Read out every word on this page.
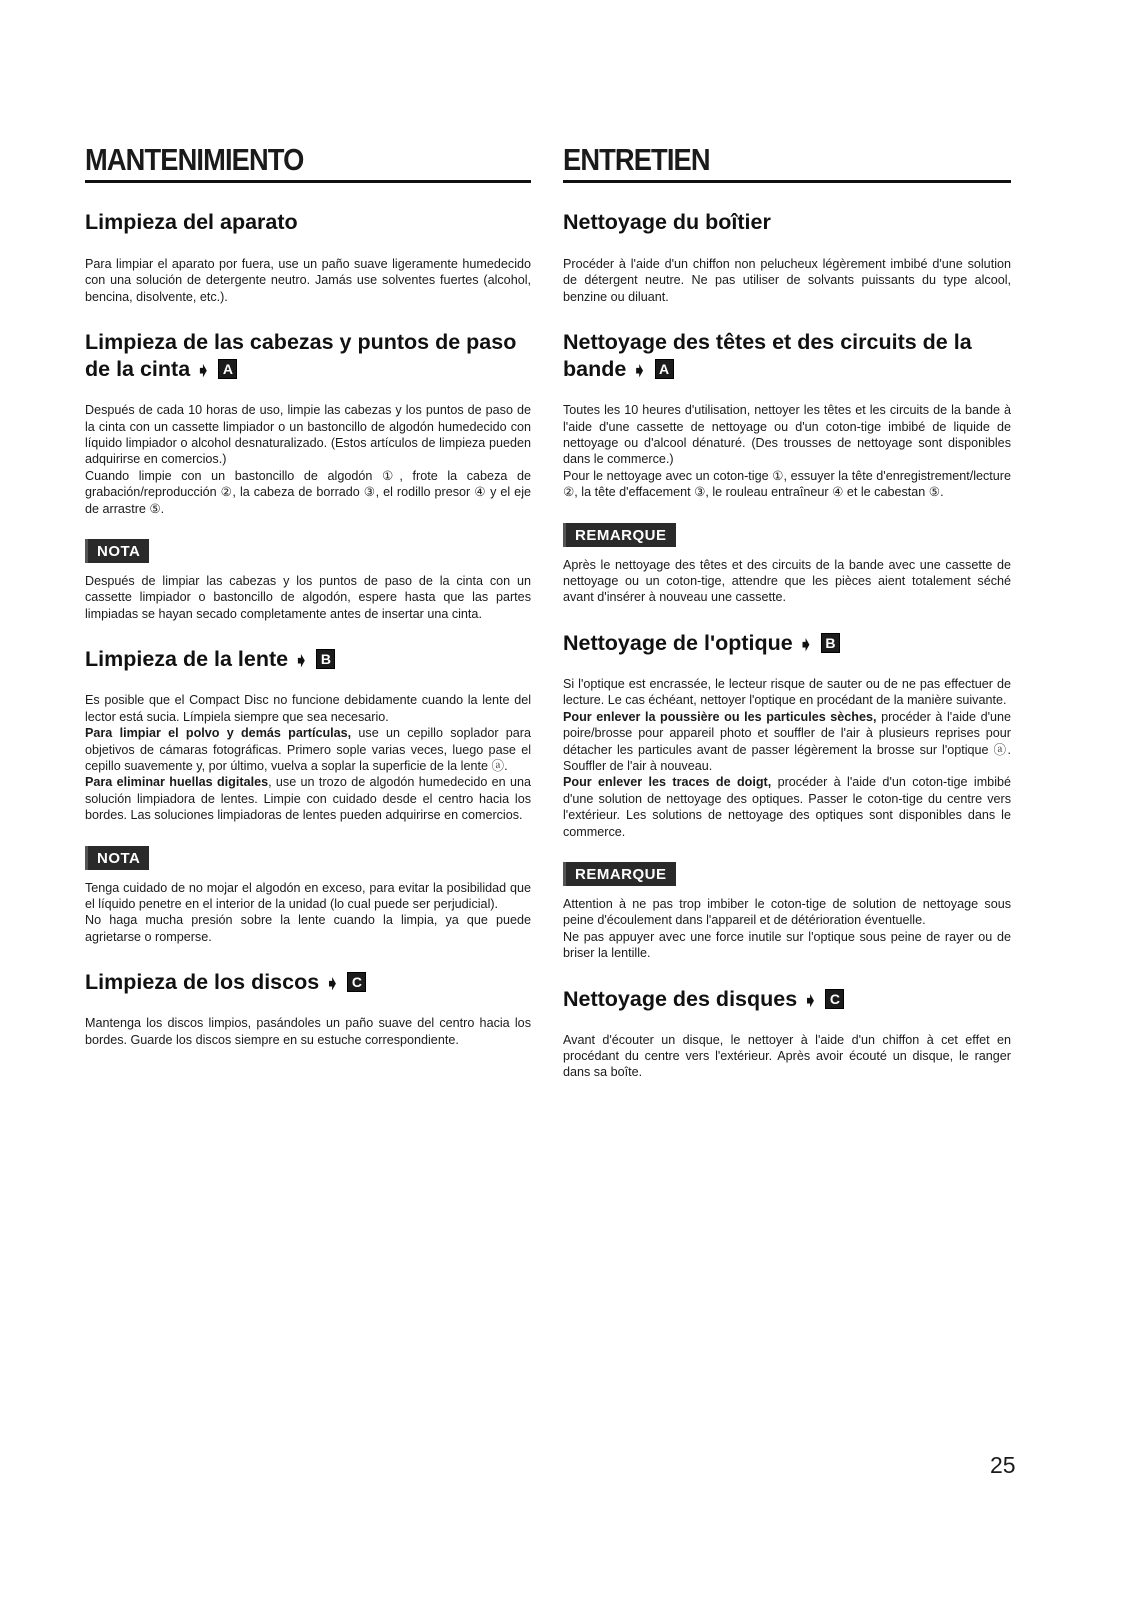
MANTENIMIENTO
Limpieza del aparato

Para limpiar el aparato por fuera, use un paño suave ligeramente humedecido con una solución de detergente neutro. Jamás use solventes fuertes (alcohol, bencina, disolvente, etc.).

Limpieza de las cabezas y puntos de paso de la cinta ➧ A

Después de cada 10 horas de uso, limpie las cabezas y los puntos de paso de la cinta con un cassette limpiador o un bastoncillo de algodón humedecido con líquido limpiador o alcohol desnaturalizado. (Estos artículos de limpieza pueden adquirirse en comercios.)

Cuando limpie con un bastoncillo de algodón ①, frote la cabeza de grabación/reproducción ②, la cabeza de borrado ③, el rodillo presor ④ y el eje de arrastre ⑤.

NOTA

Después de limpiar las cabezas y los puntos de paso de la cinta con un cassette limpiador o bastoncillo de algodón, espere hasta que las partes limpiadas se hayan secado completamente antes de insertar una cinta.

Limpieza de la lente ➧ B

Es posible que el Compact Disc no funcione debidamente cuando la lente del lector está sucia. Límpiela siempre que sea necesario.
Para limpiar el polvo y demás partículas, use un cepillo soplador para objetivos de cámaras fotográficas. Primero sople varias veces, luego pase el cepillo suavemente y, por último, vuelva a soplar la superficie de la lente ⓐ.
Para eliminar huellas digitales, use un trozo de algodón humedecido en una solución limpiadora de lentes. Limpie con cuidado desde el centro hacia los bordes. Las soluciones limpiadoras de lentes pueden adquirirse en comercios.

NOTA

Tenga cuidado de no mojar el algodón en exceso, para evitar la posibilidad que el líquido penetre en el interior de la unidad (lo cual puede ser perjudicial).
No haga mucha presión sobre la lente cuando la limpia, ya que puede agrietarse o romperse.

Limpieza de los discos ➧ C

Mantenga los discos limpios, pasándoles un paño suave del centro hacia los bordes. Guarde los discos siempre en su estuche correspondiente.

ENTRETIEN
Nettoyage du boîtier

Procéder à l'aide d'un chiffon non pelucheux légèrement imbibé d'une solution de détergent neutre. Ne pas utiliser de solvants puissants du type alcool, benzine ou diluant.

Nettoyage des têtes et des circuits de la bande ➧ A

Toutes les 10 heures d'utilisation, nettoyer les têtes et les circuits de la bande à l'aide d'une cassette de nettoyage ou d'un coton-tige imbibé de liquide de nettoyage ou d'alcool dénaturé. (Des trousses de nettoyage sont disponibles dans le commerce.)

Pour le nettoyage avec un coton-tige ①, essuyer la tête d'enregistrement/lecture ②, la tête d'effacement ③, le rouleau entraîneur ④ et le cabestan ⑤.

REMARQUE

Après le nettoyage des têtes et des circuits de la bande avec une cassette de nettoyage ou un coton-tige, attendre que les pièces aient totalement séché avant d'insérer à nouveau une cassette.

Nettoyage de l'optique ➧ B

Si l'optique est encrassée, le lecteur risque de sauter ou de ne pas effectuer de lecture. Le cas échéant, nettoyer l'optique en procédant de la manière suivante.
Pour enlever la poussière ou les particules sèches, procéder à l'aide d'une poire/brosse pour appareil photo et souffler de l'air à plusieurs reprises pour détacher les particules avant de passer légèrement la brosse sur l'optique ⓐ. Souffler de l'air à nouveau.
Pour enlever les traces de doigt, procéder à l'aide d'un coton-tige imbibé d'une solution de nettoyage des optiques. Passer le coton-tige du centre vers l'extérieur. Les solutions de nettoyage des optiques sont disponibles dans le commerce.

REMARQUE

Attention à ne pas trop imbiber le coton-tige de solution de nettoyage sous peine d'écoulement dans l'appareil et de détérioration éventuelle.
Ne pas appuyer avec une force inutile sur l'optique sous peine de rayer ou de briser la lentille.

Nettoyage des disques ➧ C

Avant d'écouter un disque, le nettoyer à l'aide d'un chiffon à cet effet en procédant du centre vers l'extérieur. Après avoir écouté un disque, le ranger dans sa boîte.

25
